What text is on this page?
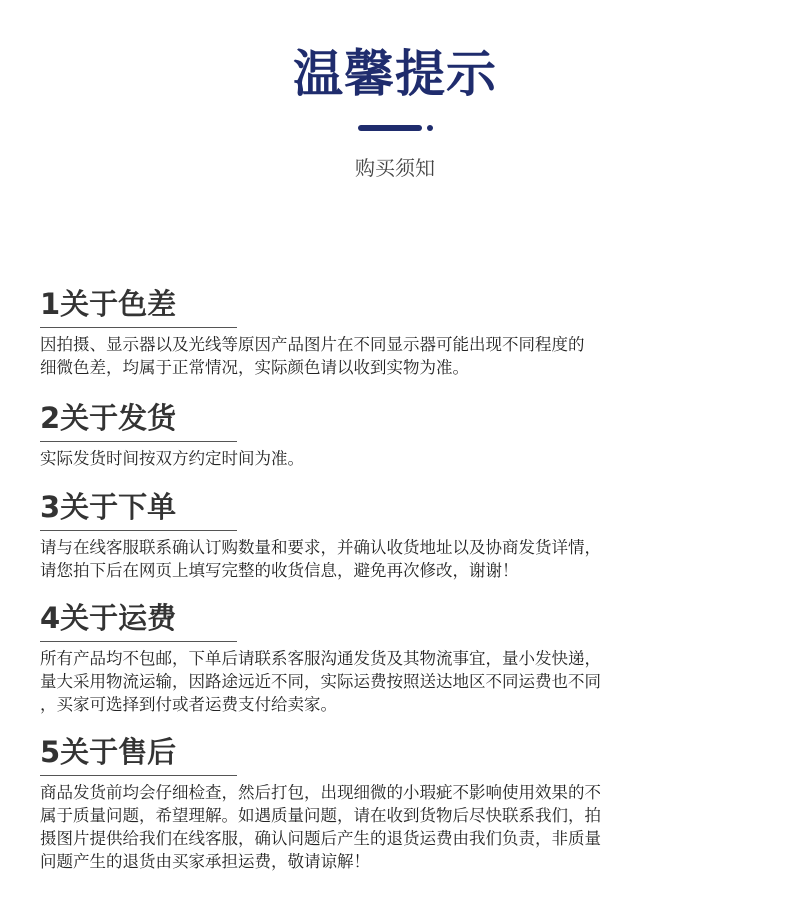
温馨提示
购买须知
1关于色差
因拍摄、显示器以及光线等原因产品图片在不同显示器可能出现不同程度的
细微色差，均属于正常情况，实际颜色请以收到实物为准。
2关于发货
实际发货时间按双方约定时间为准。
3关于下单
请与在线客服联系确认订购数量和要求，并确认收货地址以及协商发货详情，
请您拍下后在网页上填写完整的收货信息，避免再次修改，谢谢！
4关于运费
所有产品均不包邮，下单后请联系客服沟通发货及其物流事宜，量小发快递，
量大采用物流运输，因路途远近不同，实际运费按照送达地区不同运费也不同
，买家可选择到付或者运费支付给卖家。
5关于售后
商品发货前均会仔细检查，然后打包，出现细微的小瑕疵不影响使用效果的不
属于质量问题，希望理解。如遇质量问题，请在收到货物后尽快联系我们，拍
摄图片提供给我们在线客服，确认问题后产生的退货运费由我们负责，非质量
问题产生的退货由买家承担运费，敬请谅解！
